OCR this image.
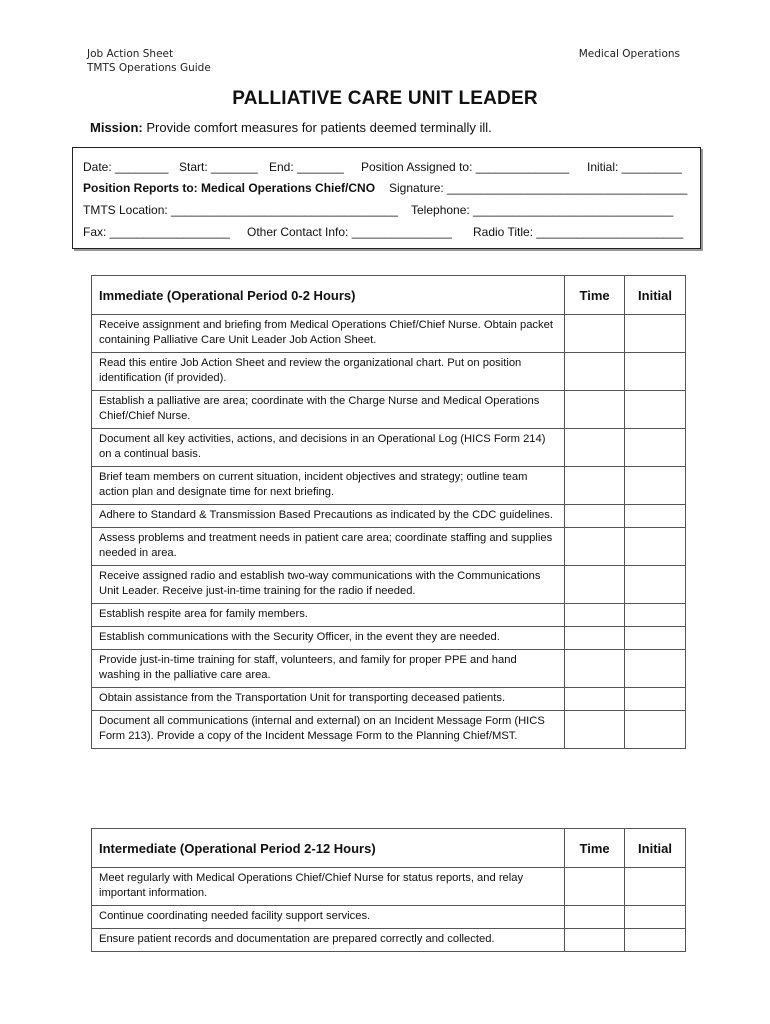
Job Action Sheet
TMTS Operations Guide
Medical Operations
PALLIATIVE CARE UNIT LEADER
Mission: Provide comfort measures for patients deemed terminally ill.
Date: ________ Start: _______ End: _______ Position Assigned to: ______________ Initial: _________
Position Reports to: Medical Operations Chief/CNO Signature: ____________________________________
TMTS Location: __________________________________ Telephone: ______________________________
Fax: __________________ Other Contact Info: _______________ Radio Title: ______________________
Immediate (Operational Period 0-2 Hours)	Time	Initial
Receive assignment and briefing from Medical Operations Chief/Chief Nurse. Obtain packet containing Palliative Care Unit Leader Job Action Sheet.		
Read this entire Job Action Sheet and review the organizational chart. Put on position identification (if provided).		
Establish a palliative are area; coordinate with the Charge Nurse and Medical Operations Chief/Chief Nurse.		
Document all key activities, actions, and decisions in an Operational Log (HICS Form 214) on a continual basis.		
Brief team members on current situation, incident objectives and strategy; outline team action plan and designate time for next briefing.		
Adhere to Standard & Transmission Based Precautions as indicated by the CDC guidelines.		
Assess problems and treatment needs in patient care area; coordinate staffing and supplies needed in area.		
Receive assigned radio and establish two-way communications with the Communications Unit Leader. Receive just-in-time training for the radio if needed.		
Establish respite area for family members.		
Establish communications with the Security Officer, in the event they are needed.		
Provide just-in-time training for staff, volunteers, and family for proper PPE and hand washing in the palliative care area.		
Obtain assistance from the Transportation Unit for transporting deceased patients.		
Document all communications (internal and external) on an Incident Message Form (HICS Form 213). Provide a copy of the Incident Message Form to the Planning Chief/MST.		
Intermediate (Operational Period 2-12 Hours)	Time	Initial
Meet regularly with Medical Operations Chief/Chief Nurse for status reports, and relay important information.		
Continue coordinating needed facility support services.		
Ensure patient records and documentation are prepared correctly and collected.		
